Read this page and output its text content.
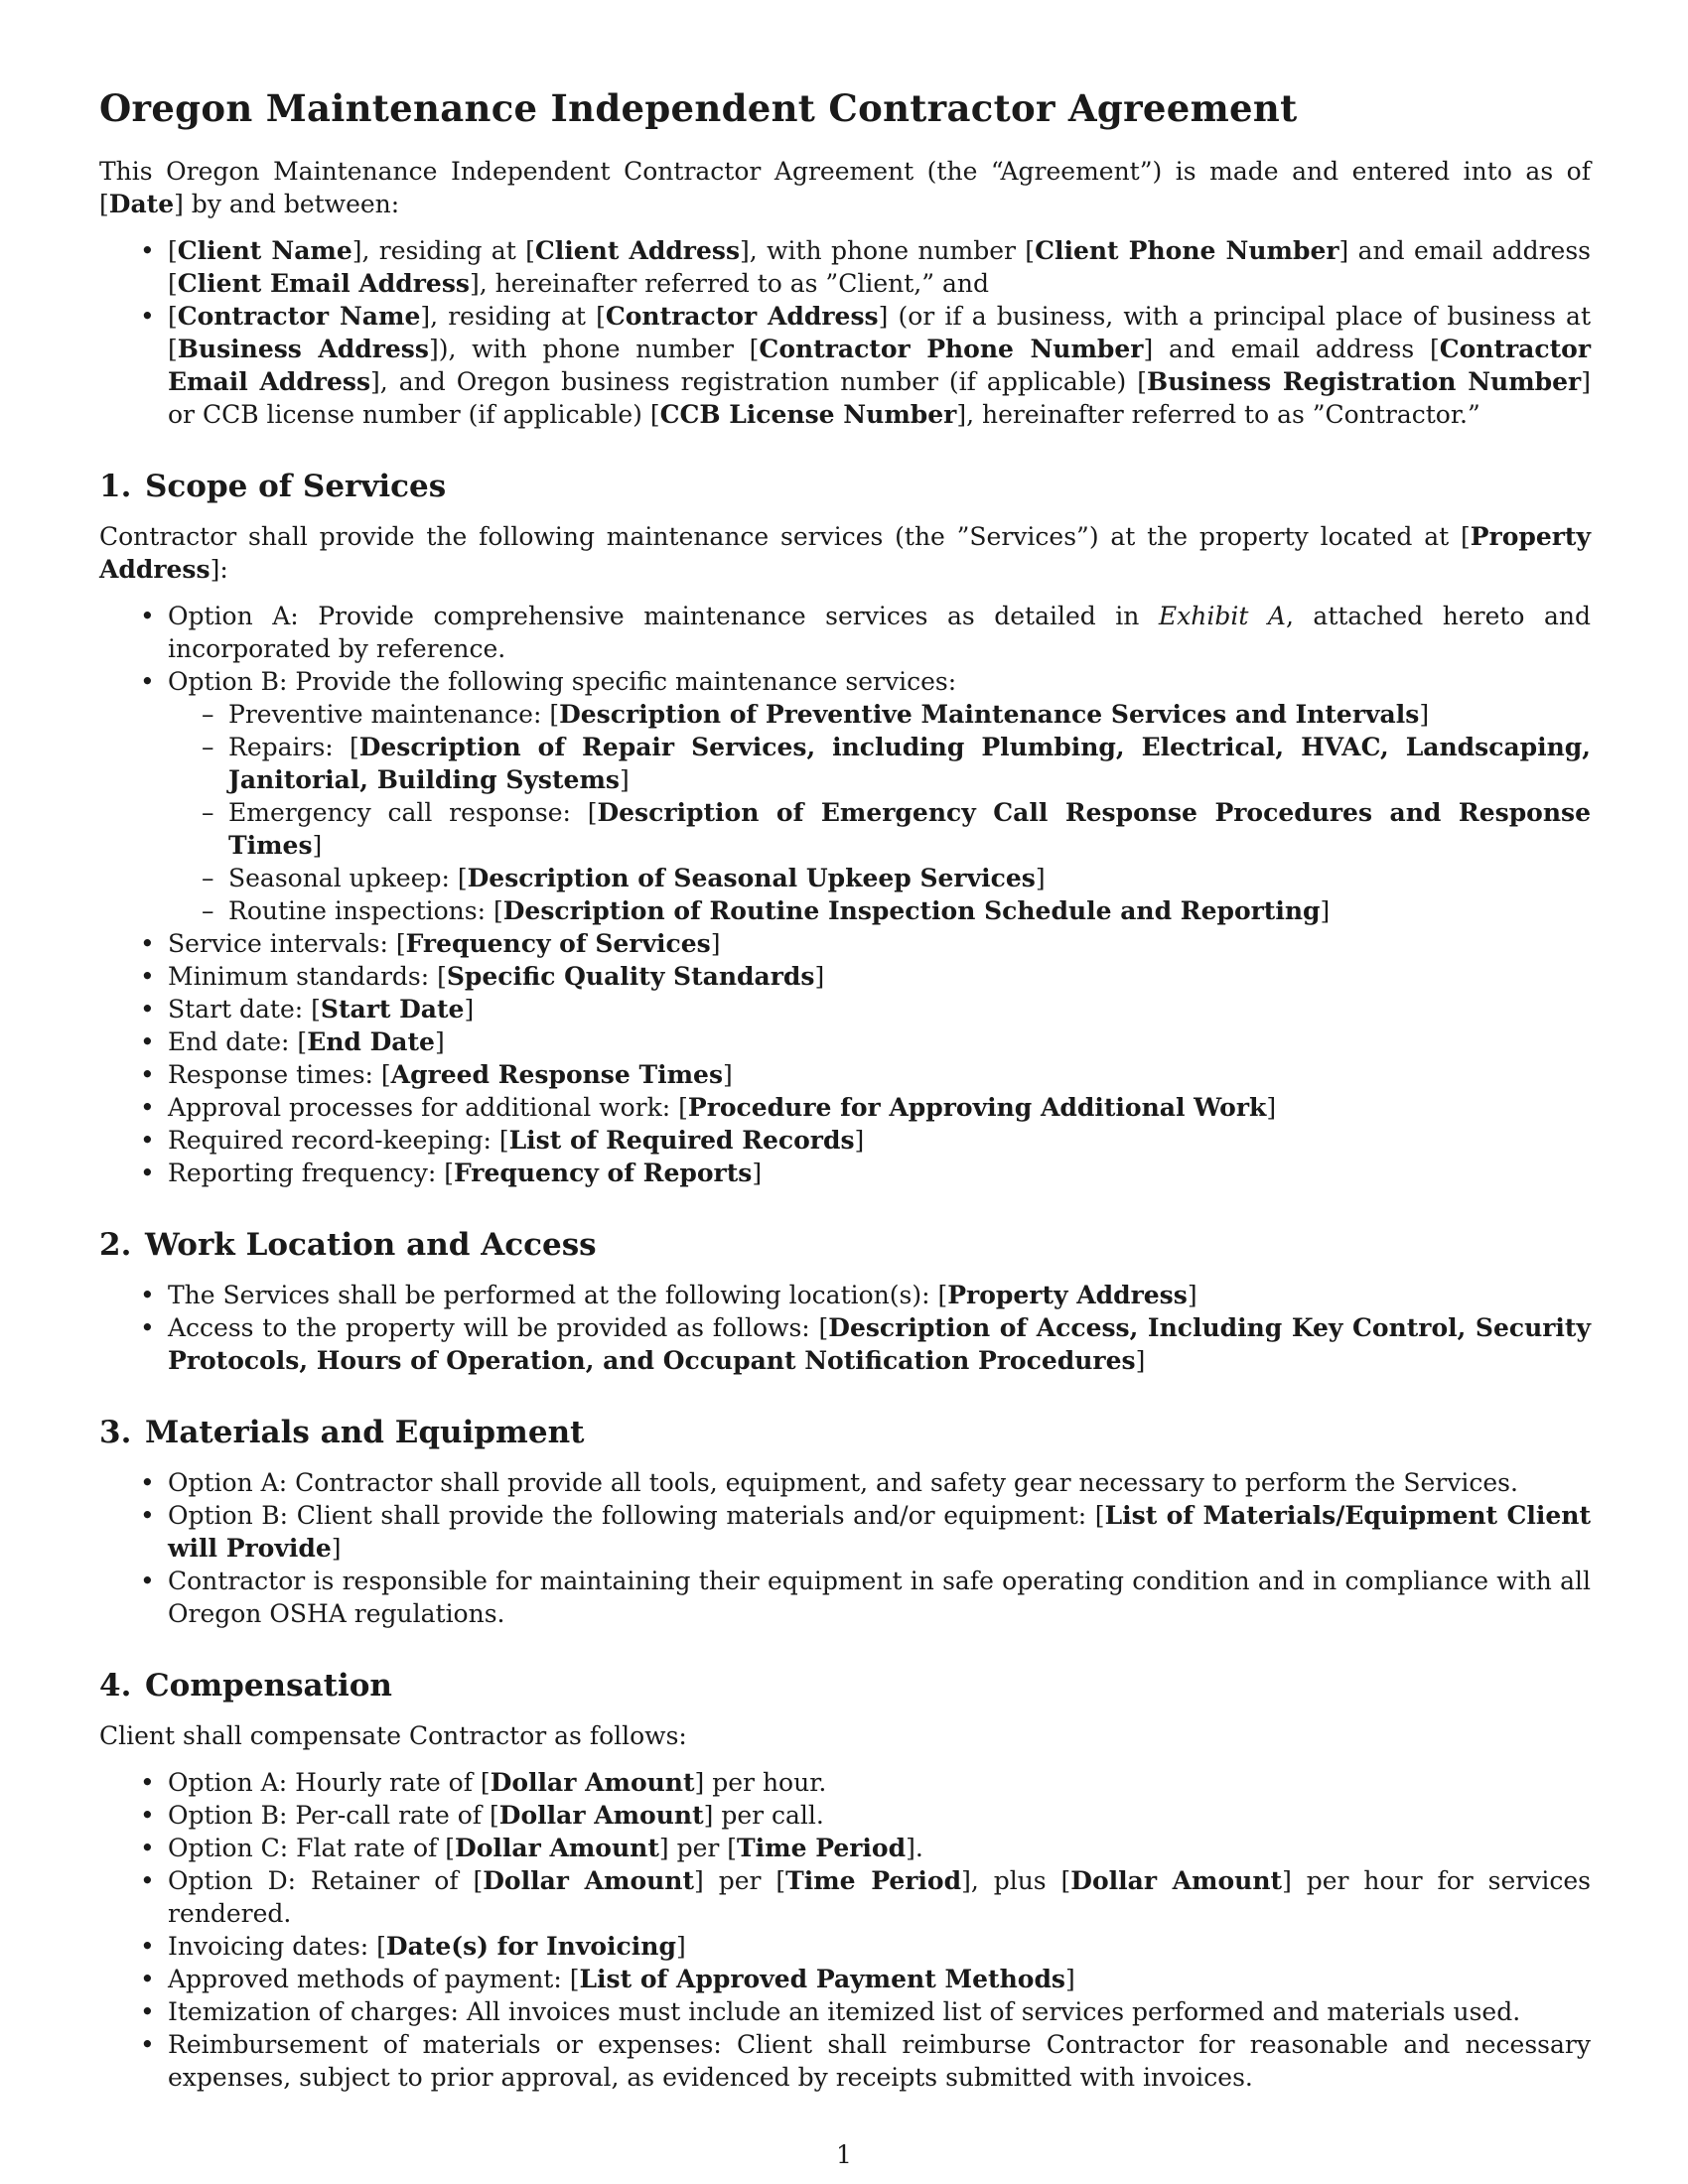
Oregon Maintenance Independent Contractor Agreement

This Oregon Maintenance Independent Contractor Agreement (the “Agreement”) is made and entered into as of [Date] by and between:

• [Client Name], residing at [Client Address], with phone number [Client Phone Number] and email address [Client Email Address], hereinafter referred to as ”Client,” and
• [Contractor Name], residing at [Contractor Address] (or if a business, with a principal place of business at [Business Address]), with phone number [Contractor Phone Number] and email address [Contractor Email Address], and Oregon business registration number (if applicable) [Business Registration Number] or CCB license number (if applicable) [CCB License Number], hereinafter referred to as ”Contractor.”
1. Scope of Services

Contractor shall provide the following maintenance services (the ”Services”) at the property located at [Property Address]:

• Option A: Provide comprehensive maintenance services as detailed in Exhibit A, attached hereto and incorporated by reference.
• Option B: Provide the following specific maintenance services:
– Preventive maintenance: [Description of Preventive Maintenance Services and Intervals]
– Repairs: [Description of Repair Services, including Plumbing, Electrical, HVAC, Landscaping, Janitorial, Building Systems]
– Emergency call response: [Description of Emergency Call Response Procedures and Response Times]
– Seasonal upkeep: [Description of Seasonal Upkeep Services]
– Routine inspections: [Description of Routine Inspection Schedule and Reporting]
• Service intervals: [Frequency of Services]
• Minimum standards: [Specific Quality Standards]
• Start date: [Start Date]
• End date: [End Date]
• Response times: [Agreed Response Times]
• Approval processes for additional work: [Procedure for Approving Additional Work]
• Required record-keeping: [List of Required Records]
• Reporting frequency: [Frequency of Reports]
2. Work Location and Access
• The Services shall be performed at the following location(s): [Property Address]
• Access to the property will be provided as follows: [Description of Access, Including Key Control, Security Protocols, Hours of Operation, and Occupant Notification Procedures]
3. Materials and Equipment
• Option A: Contractor shall provide all tools, equipment, and safety gear necessary to perform the Services.
• Option B: Client shall provide the following materials and/or equipment: [List of Materials/Equipment Client will Provide]
• Contractor is responsible for maintaining their equipment in safe operating condition and in compliance with all Oregon OSHA regulations.
4. Compensation

Client shall compensate Contractor as follows:

• Option A: Hourly rate of [Dollar Amount] per hour.
• Option B: Per-call rate of [Dollar Amount] per call.
• Option C: Flat rate of [Dollar Amount] per [Time Period].
• Option D: Retainer of [Dollar Amount] per [Time Period], plus [Dollar Amount] per hour for services rendered.
• Invoicing dates: [Date(s) for Invoicing]
• Approved methods of payment: [List of Approved Payment Methods]
• Itemization of charges: All invoices must include an itemized list of services performed and materials used.
• Reimbursement of materials or expenses: Client shall reimburse Contractor for reasonable and necessary expenses, subject to prior approval, as evidenced by receipts submitted with invoices.
1
